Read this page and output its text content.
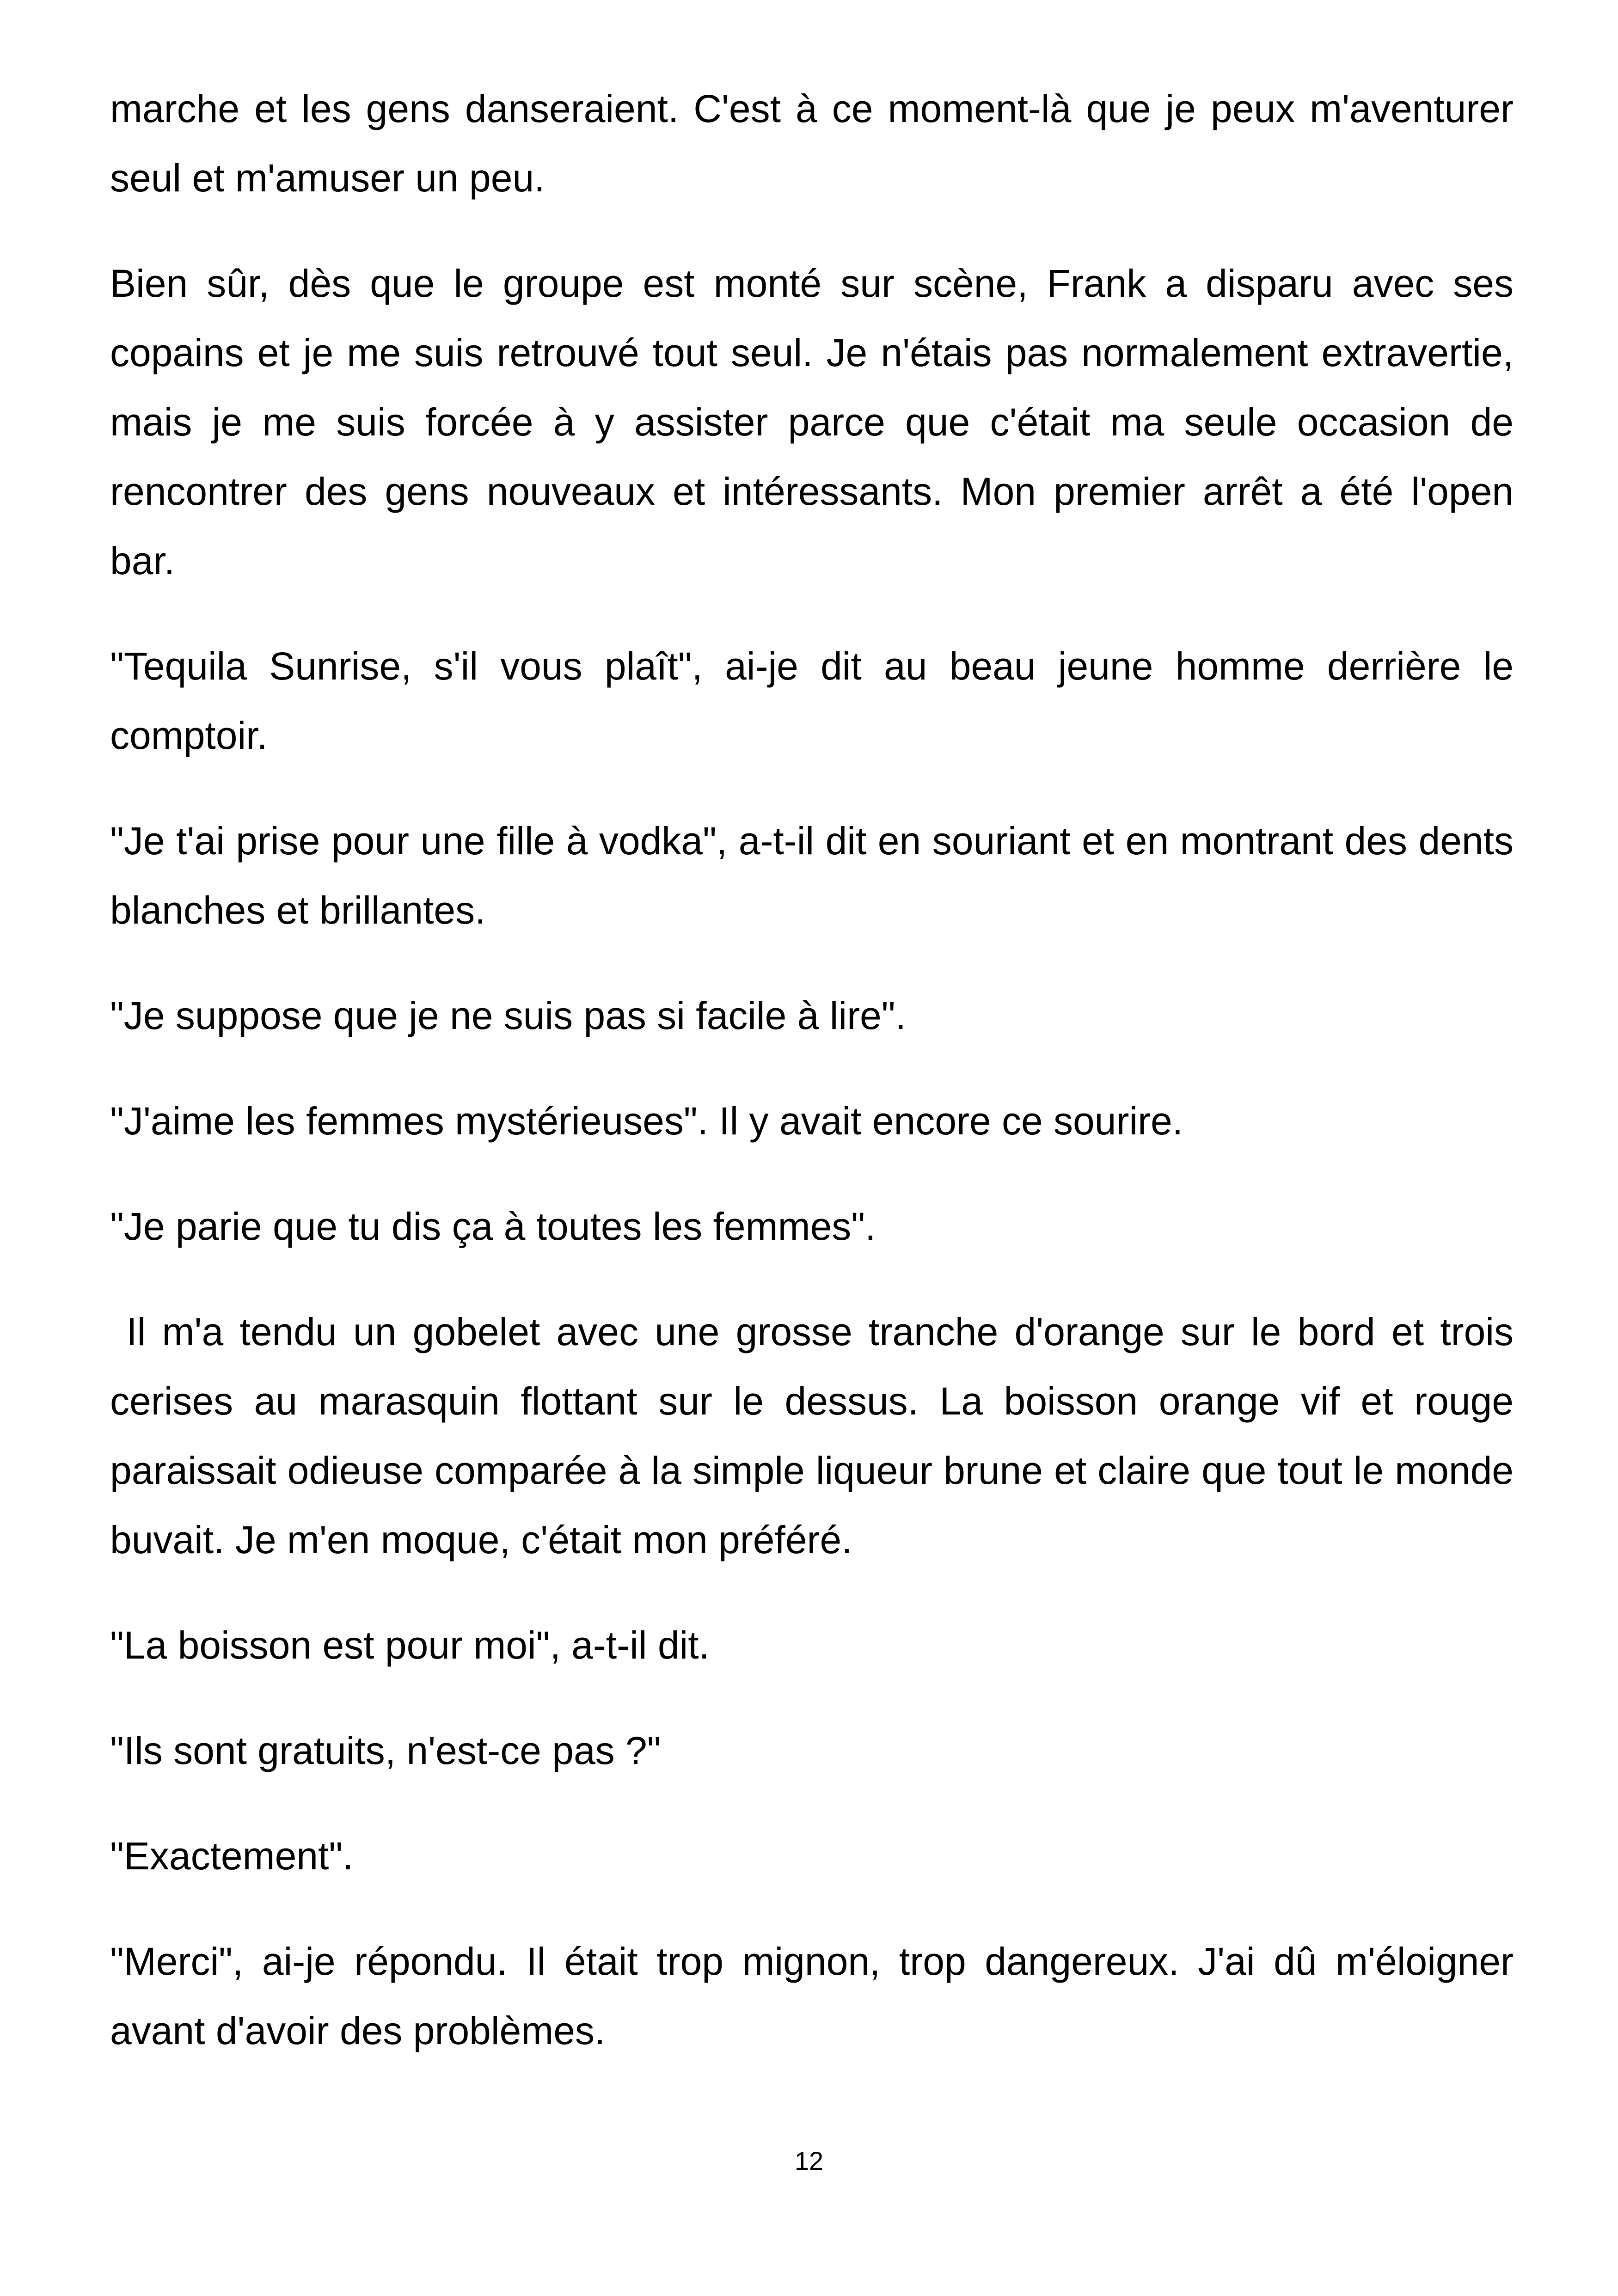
marche et les gens danseraient. C'est à ce moment-là que je peux m'aventurer seul et m'amuser un peu.

Bien sûr, dès que le groupe est monté sur scène, Frank a disparu avec ses copains et je me suis retrouvé tout seul. Je n'étais pas normalement extravertie, mais je me suis forcée à y assister parce que c'était ma seule occasion de rencontrer des gens nouveaux et intéressants. Mon premier arrêt a été l'open bar.

"Tequila Sunrise, s'il vous plaît", ai-je dit au beau jeune homme derrière le comptoir.

"Je t'ai prise pour une fille à vodka", a-t-il dit en souriant et en montrant des dents blanches et brillantes.

"Je suppose que je ne suis pas si facile à lire".

"J'aime les femmes mystérieuses". Il y avait encore ce sourire.

"Je parie que tu dis ça à toutes les femmes".

Il m'a tendu un gobelet avec une grosse tranche d'orange sur le bord et trois cerises au marasquin flottant sur le dessus. La boisson orange vif et rouge paraissait odieuse comparée à la simple liqueur brune et claire que tout le monde buvait. Je m'en moque, c'était mon préféré.

"La boisson est pour moi", a-t-il dit.

"Ils sont gratuits, n'est-ce pas ?"

"Exactement".

"Merci", ai-je répondu. Il était trop mignon, trop dangereux. J'ai dû m'éloigner avant d'avoir des problèmes.

12
